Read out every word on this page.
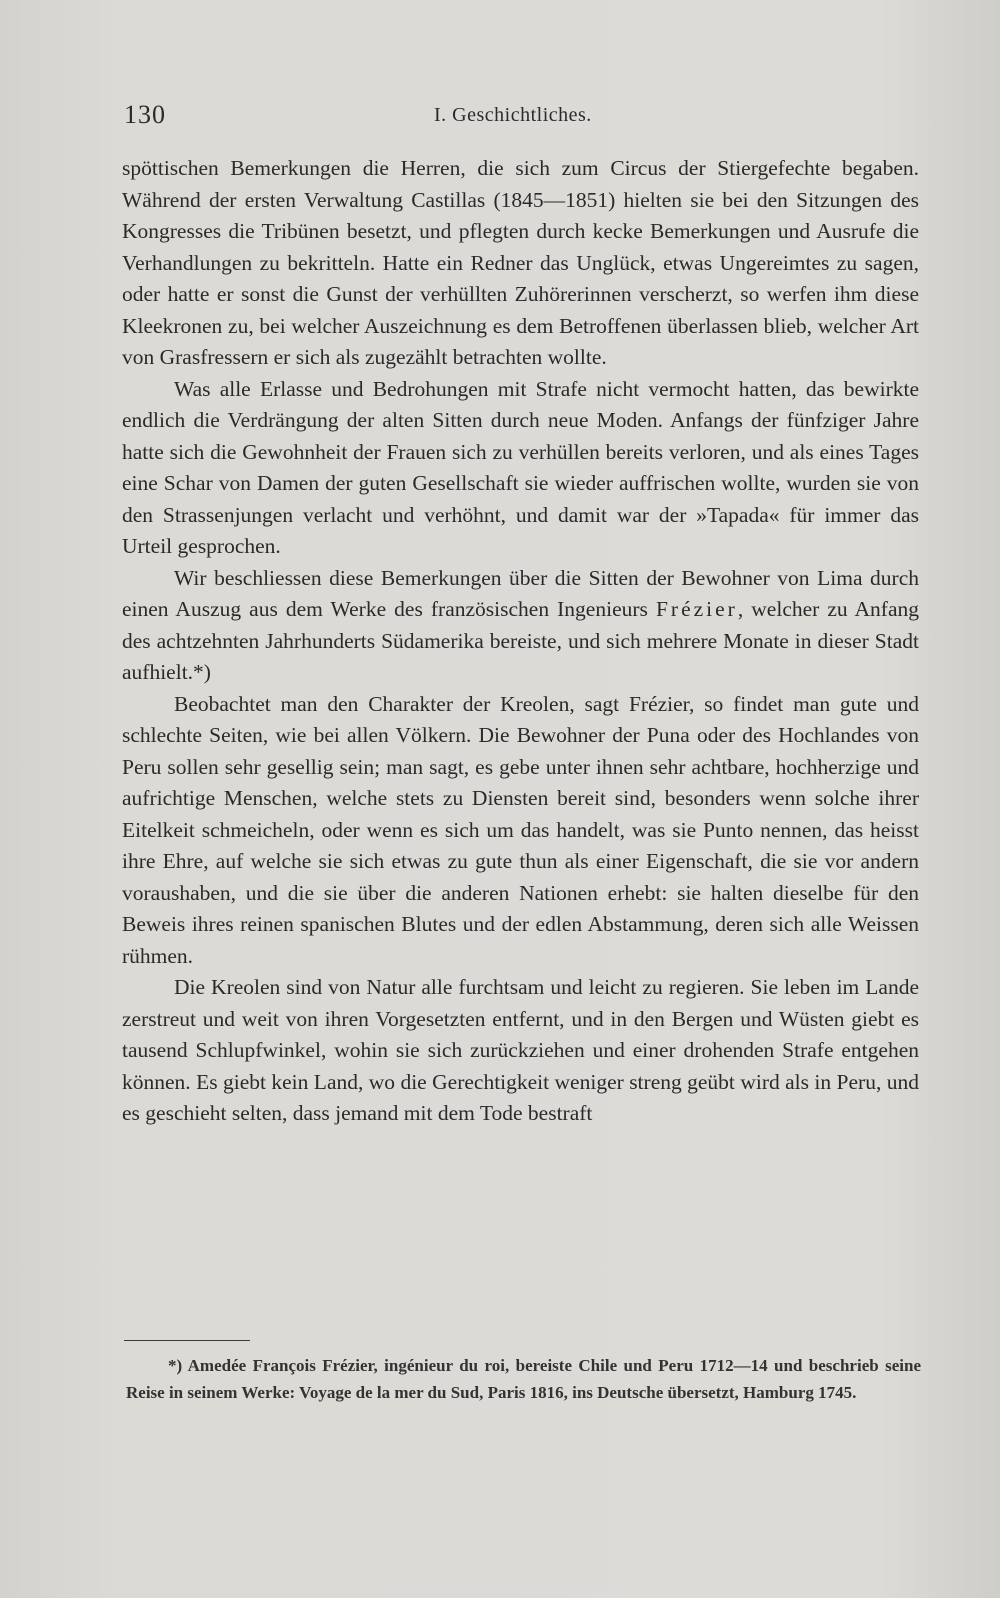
130	I. Geschichtliches.

spöttischen Bemerkungen die Herren, die sich zum Circus der Stiergefechte begaben. Während der ersten Verwaltung Castillas (1845—1851) hielten sie bei den Sitzungen des Kongresses die Tribünen besetzt, und pflegten durch kecke Bemerkungen und Ausrufe die Verhandlungen zu bekritteln. Hatte ein Redner das Unglück, etwas Ungereimtes zu sagen, oder hatte er sonst die Gunst der verhüllten Zuhörerinnen verscherzt, so werfen ihm diese Kleekronen zu, bei welcher Auszeichnung es dem Betroffenen überlassen blieb, welcher Art von Grasfressern er sich als zugezählt betrachten wollte.

Was alle Erlasse und Bedrohungen mit Strafe nicht vermocht hatten, das bewirkte endlich die Verdrängung der alten Sitten durch neue Moden. Anfangs der fünfziger Jahre hatte sich die Gewohnheit der Frauen sich zu verhüllen bereits verloren, und als eines Tages eine Schar von Damen der guten Gesellschaft sie wieder auffrischen wollte, wurden sie von den Strassenjungen verlacht und verhöhnt, und damit war der »Tapada« für immer das Urteil gesprochen.

Wir beschliessen diese Bemerkungen über die Sitten der Bewohner von Lima durch einen Auszug aus dem Werke des französischen Ingenieurs Frézier, welcher zu Anfang des achtzehnten Jahrhunderts Südamerika bereiste, und sich mehrere Monate in dieser Stadt aufhielt.*)

Beobachtet man den Charakter der Kreolen, sagt Frézier, so findet man gute und schlechte Seiten, wie bei allen Völkern. Die Bewohner der Puna oder des Hochlandes von Peru sollen sehr gesellig sein; man sagt, es gebe unter ihnen sehr achtbare, hochherzige und aufrichtige Menschen, welche stets zu Diensten bereit sind, besonders wenn solche ihrer Eitelkeit schmeicheln, oder wenn es sich um das handelt, was sie Punto nennen, das heisst ihre Ehre, auf welche sie sich etwas zu gute thun als einer Eigenschaft, die sie vor andern voraushaben, und die sie über die anderen Nationen erhebt: sie halten dieselbe für den Beweis ihres reinen spanischen Blutes und der edlen Abstammung, deren sich alle Weissen rühmen.

Die Kreolen sind von Natur alle furchtsam und leicht zu regieren. Sie leben im Lande zerstreut und weit von ihren Vorgesetzten entfernt, und in den Bergen und Wüsten giebt es tausend Schlupfwinkel, wohin sie sich zurückziehen und einer drohenden Strafe entgehen können. Es giebt kein Land, wo die Gerechtigkeit weniger streng geübt wird als in Peru, und es geschieht selten, dass jemand mit dem Tode bestraft

*) Amedée François Frézier, ingénieur du roi, bereiste Chile und Peru 1712—14 und beschrieb seine Reise in seinem Werke: Voyage de la mer du Sud, Paris 1816, ins Deutsche übersetzt, Hamburg 1745.
